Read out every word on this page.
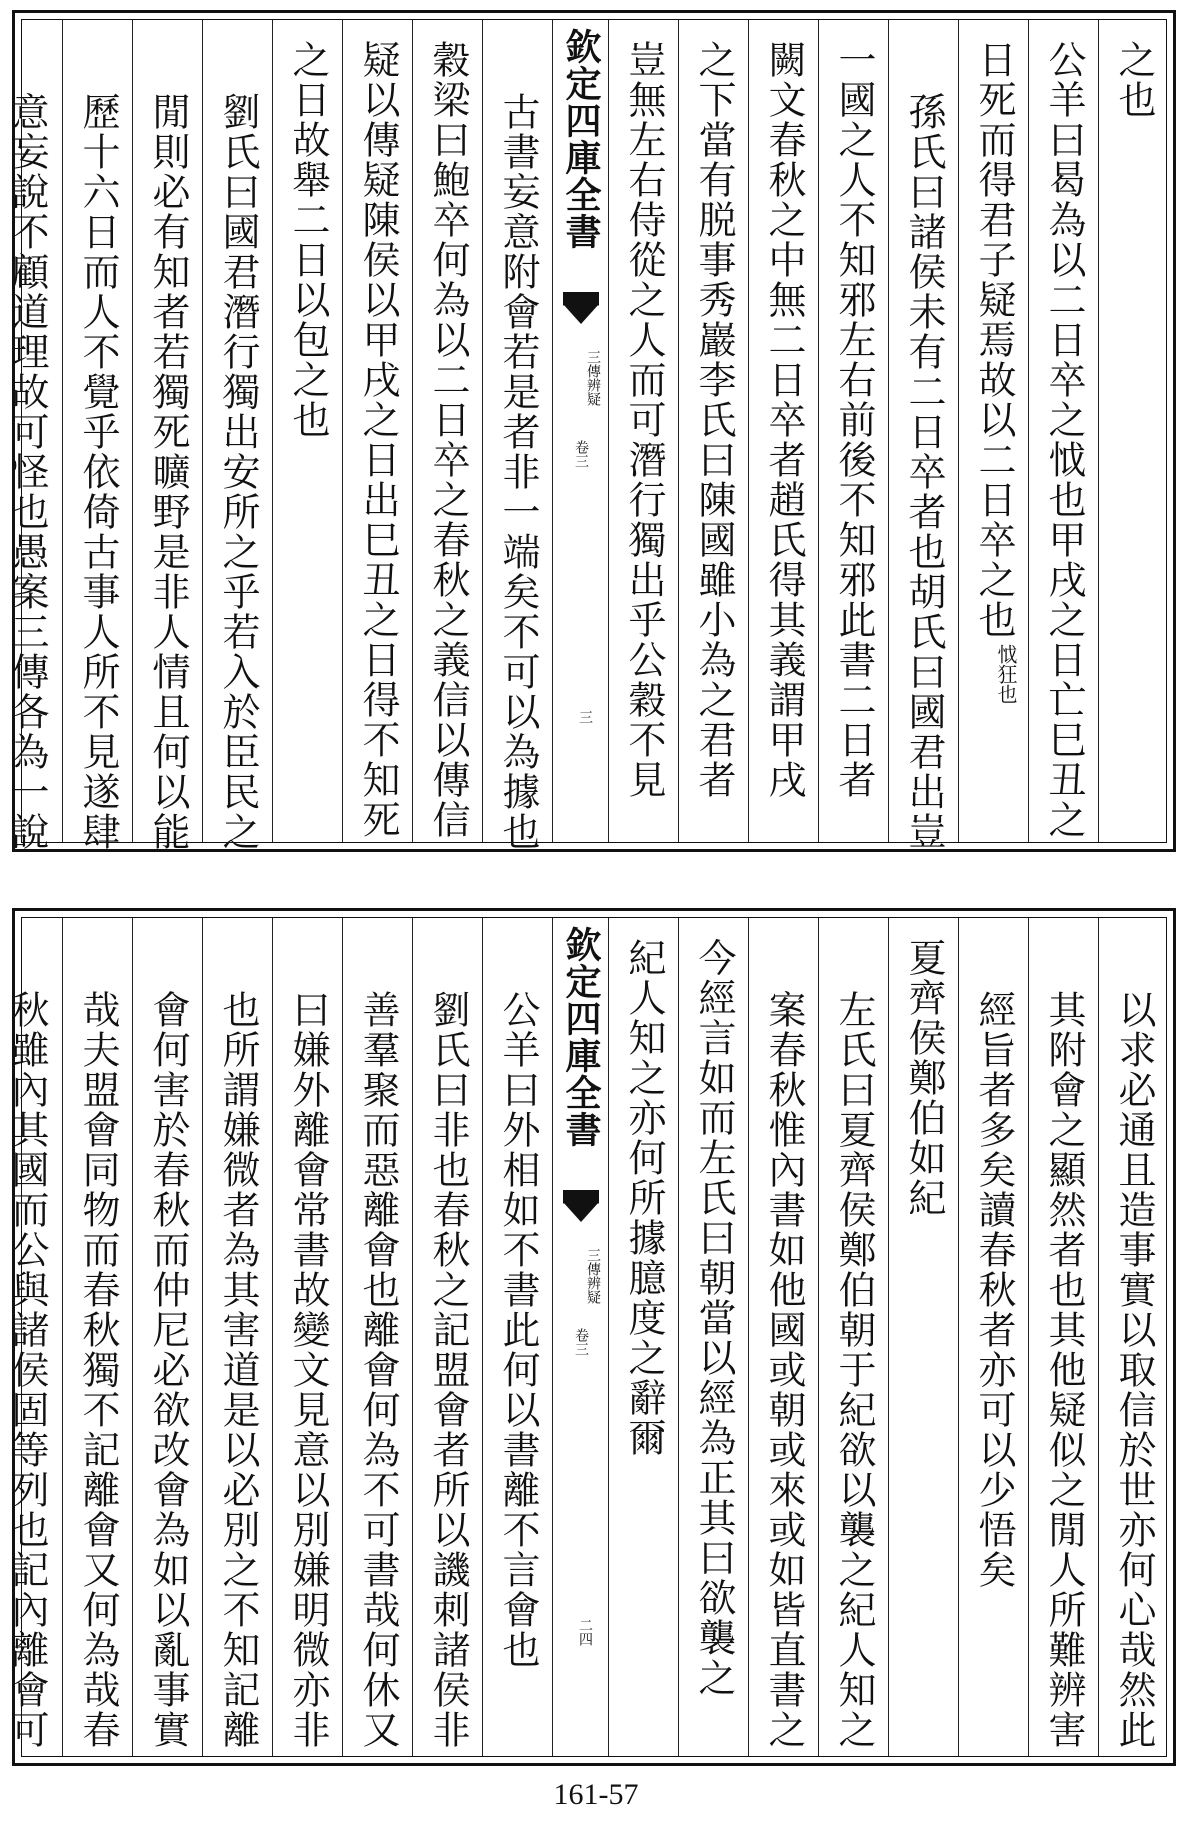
之也
公羊曰曷為以二日卒之怴也甲戌之日亡巳丑之
日死而得君子疑焉故以二日卒之也
怴狂也
孫氏曰諸侯未有二日卒者也胡氏曰國君出豈
一國之人不知邪左右前後不知邪此書二日者
闕文春秋之中無二日卒者趙氏得其義謂甲戌
之下當有脱事秀巖李氏曰陳國雖小為之君者
豈無左右侍從之人而可潛行獨出乎公穀不見
欽定四庫全書
三傳辨疑
卷三
三
古書妄意附會若是者非一端矣不可以為據也
穀梁曰鮑卒何為以二日卒之春秋之義信以傳信
疑以傳疑陳侯以甲戌之日出巳丑之日得不知死
之日故舉二日以包之也
劉氏曰國君潛行獨出安所之乎若入於臣民之
閒則必有知者若獨死曠野是非人情且何以能
歷十六日而人不覺乎依倚古事人所不見遂肆
意妄說不顧道理故可怪也愚案三傳各為一說
以求必通且造事實以取信於世亦何心哉然此
其附會之顯然者也其他疑似之閒人所難辨害
經旨者多矣讀春秋者亦可以少悟矣
夏齊侯鄭伯如紀
左氏曰夏齊侯鄭伯朝于紀欲以襲之紀人知之
案春秋惟內書如他國或朝或來或如皆直書之
今經言如而左氏曰朝當以經為正其曰欲襲之
紀人知之亦何所據臆度之辭爾
欽定四庫全書
三傳辨疑
卷三
二四
公羊曰外相如不書此何以書離不言會也
劉氏曰非也春秋之記盟會者所以譏刺諸侯非
善羣聚而惡離會也離會何為不可書哉何休又
曰嫌外離會常書故變文見意以別嫌明微亦非
也所謂嫌微者為其害道是以必別之不知記離
會何害於春秋而仲尼必欲改會為如以亂事實
哉夫盟會同物而春秋獨不記離會又何為哉春
秋雖內其國而公與諸侯固等列也記內離會可
161-57
